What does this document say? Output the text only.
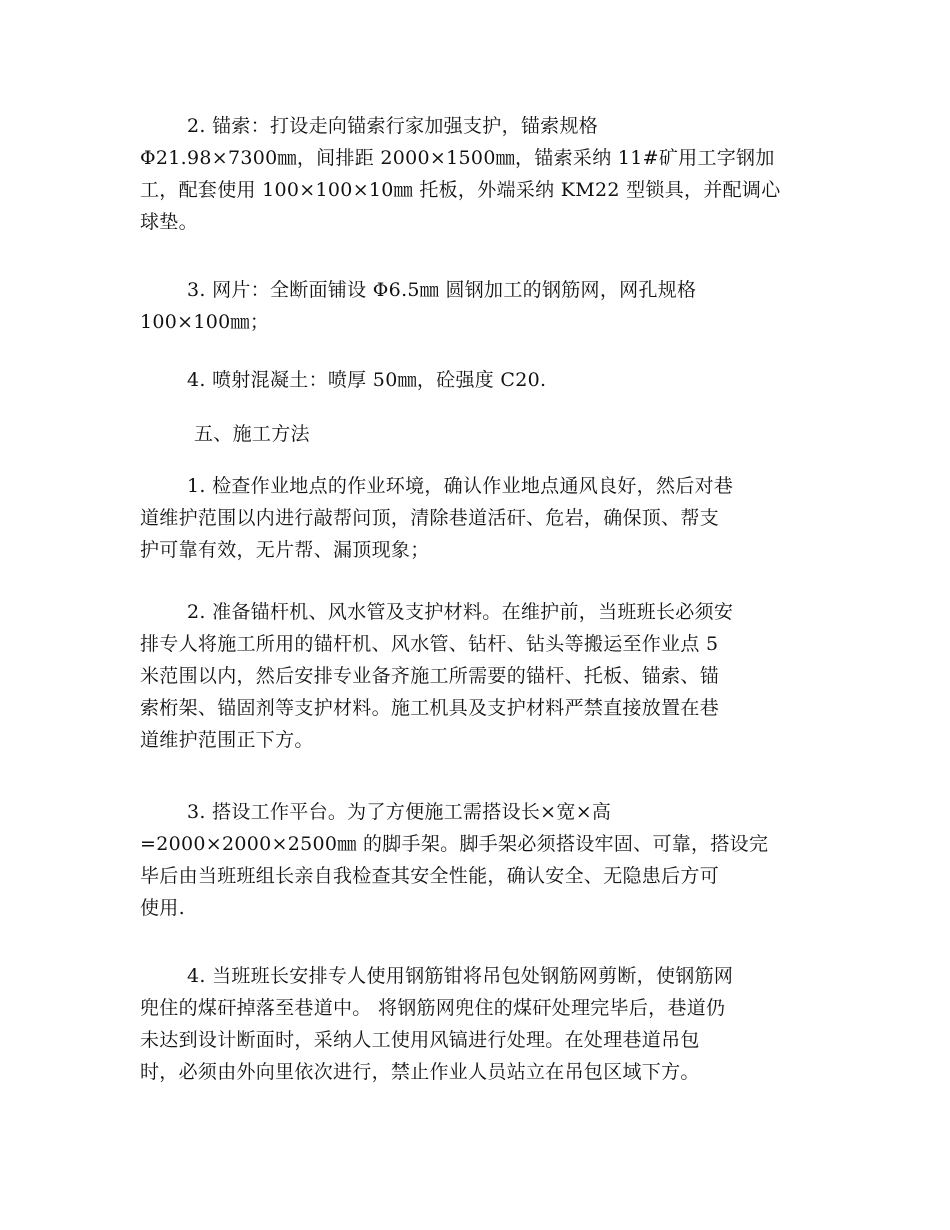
2. 锚索：打设走向锚索行家加强支护，锚索规格
Φ21.98×7300㎜，间排距 2000×1500㎜，锚索采纳 11#矿用工字钢加
工，配套使用 100×100×10㎜ 托板，外端采纳 KM22 型锁具，并配调心
球垫。
3. 网片：全断面铺设 Φ6.5㎜ 圆钢加工的钢筋网，网孔规格
100×100㎜；
4. 喷射混凝土：喷厚 50㎜，砼强度 C20.
五、施工方法
1. 检查作业地点的作业环境，确认作业地点通风良好，然后对巷
道维护范围以内进行敲帮问顶，清除巷道活矸、危岩，确保顶、帮支
护可靠有效，无片帮、漏顶现象；
2. 准备锚杆机、风水管及支护材料。在维护前，当班班长必须安
排专人将施工所用的锚杆机、风水管、钻杆、钻头等搬运至作业点 5
米范围以内，然后安排专业备齐施工所需要的锚杆、托板、锚索、锚
索桁架、锚固剂等支护材料。施工机具及支护材料严禁直接放置在巷
道维护范围正下方。
3. 搭设工作平台。为了方便施工需搭设长×宽×高
=2000×2000×2500㎜ 的脚手架。脚手架必须搭设牢固、可靠，搭设完
毕后由当班班组长亲自我检查其安全性能，确认安全、无隐患后方可
使用.
4. 当班班长安排专人使用钢筋钳将吊包处钢筋网剪断，使钢筋网
兜住的煤矸掉落至巷道中。 将钢筋网兜住的煤矸处理完毕后，巷道仍
未达到设计断面时，采纳人工使用风镐进行处理。在处理巷道吊包
时，必须由外向里依次进行，禁止作业人员站立在吊包区域下方。
